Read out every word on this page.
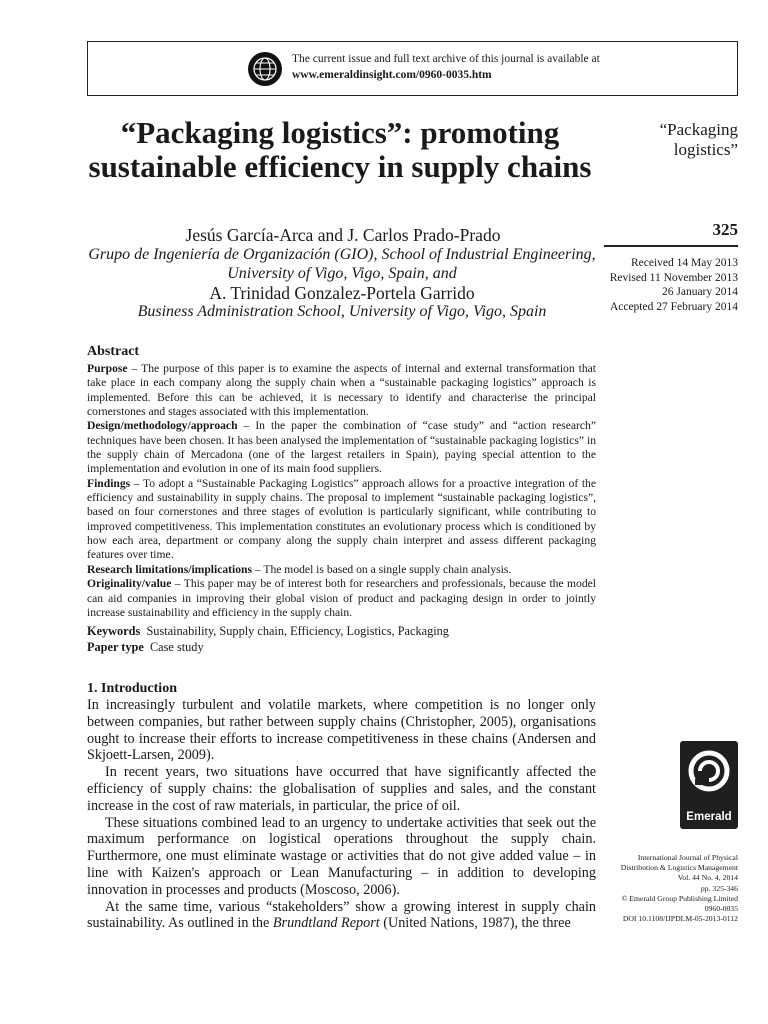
The current issue and full text archive of this journal is available at
www.emeraldinsight.com/0960-0035.htm
“Packaging logistics”: promoting sustainable efficiency in supply chains
Jesús García-Arca and J. Carlos Prado-Prado
Grupo de Ingeniería de Organización (GIO), School of Industrial Engineering, University of Vigo, Vigo, Spain, and
A. Trinidad Gonzalez-Portela Garrido
Business Administration School, University of Vigo, Vigo, Spain
“Packaging logistics”
325
Received 14 May 2013
Revised 11 November 2013
26 January 2014
Accepted 27 February 2014
Abstract

Purpose – The purpose of this paper is to examine the aspects of internal and external transformation that take place in each company along the supply chain when a “sustainable packaging logistics” approach is implemented. Before this can be achieved, it is necessary to identify and characterise the principal cornerstones and stages associated with this implementation.

Design/methodology/approach – In the paper the combination of “case study” and “action research” techniques have been chosen. It has been analysed the implementation of “sustainable packaging logistics” in the supply chain of Mercadona (one of the largest retailers in Spain), paying special attention to the implementation and evolution in one of its main food suppliers.

Findings – To adopt a “Sustainable Packaging Logistics” approach allows for a proactive integration of the efficiency and sustainability in supply chains. The proposal to implement “sustainable packaging logistics”, based on four cornerstones and three stages of evolution is particularly significant, while contributing to improved competitiveness. This implementation constitutes an evolutionary process which is conditioned by how each area, department or company along the supply chain interpret and assess different packaging features over time.

Research limitations/implications – The model is based on a single supply chain analysis.

Originality/value – This paper may be of interest both for researchers and professionals, because the model can aid companies in improving their global vision of product and packaging design in order to jointly increase sustainability and efficiency in the supply chain.

Keywords Sustainability, Supply chain, Efficiency, Logistics, Packaging

Paper type Case study

1. Introduction

In increasingly turbulent and volatile markets, where competition is no longer only between companies, but rather between supply chains (Christopher, 2005), organisations ought to increase their efforts to increase competitiveness in these chains (Andersen and Skjoett-Larsen, 2009).

In recent years, two situations have occurred that have significantly affected the efficiency of supply chains: the globalisation of supplies and sales, and the constant increase in the cost of raw materials, in particular, the price of oil.

These situations combined lead to an urgency to undertake activities that seek out the maximum performance on logistical operations throughout the supply chain. Furthermore, one must eliminate wastage or activities that do not give added value – in line with Kaizen's approach or Lean Manufacturing – in addition to developing innovation in processes and products (Moscoso, 2006).

At the same time, various “stakeholders” show a growing interest in supply chain sustainability. As outlined in the Brundtland Report (United Nations, 1987), the three

Emerald
International Journal of Physical
Distribution & Logistics Management
Vol. 44 No. 4, 2014
pp. 325-346
© Emerald Group Publishing Limited
0960-0035
DOI 10.1108/IJPDLM-05-2013-0112
